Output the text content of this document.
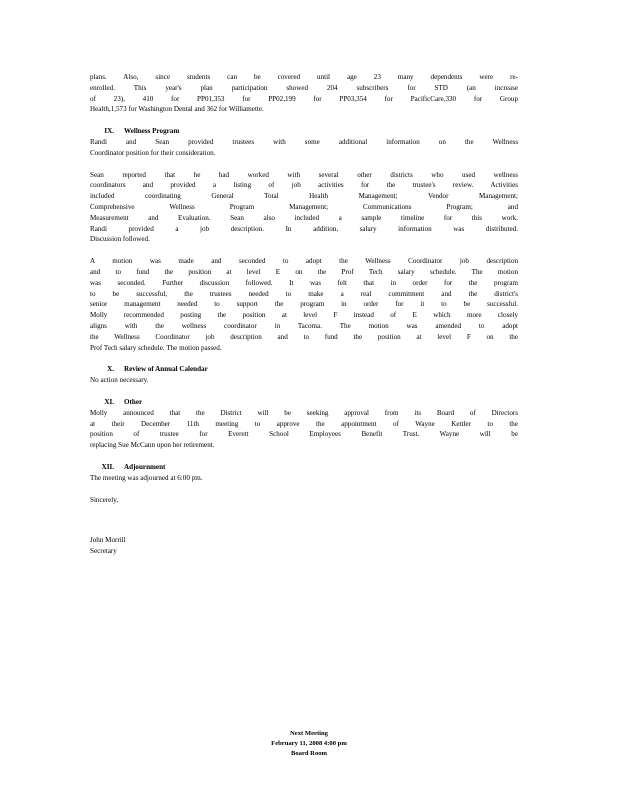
plans. Also, since students can be covered until age 23 many dependents were re-
enrolled. This year's plan participation showed 204 subscribers for STD (an increase
of 23), 410 for PP01,353 for PP02,199 for PP03,354 for PacificCare,330 for Group
Health,1,573 for Washington Dental and 362 for Williamette.
IX. Wellness Program
Randi and Sean provided trustees with some additional information on the Wellness
Coordinator position for their consideration.
Sean reported that he had worked with several other districts who used wellness
coordinators and provided a listing of job activities for the trustee's review. Activities
included coordinating General Total Health Management; Vendor Management;
Comprehensive Wellness Program Management; Communications Program; and
Measurement and Evaluation. Sean also included a sample timeline for this work.
Randi provided a job description. In addition, salary information was distributed.
Discussion followed.
A motion was made and seconded to adopt the Wellness Coordinator job description
and to fund the position at level E on the Prof Tech salary schedule. The motion
was seconded. Further discussion followed. It was felt that in order for the program
to be successful, the trustees needed to make a real commitment and the district's
senior management needed to support the program in order for it to be successful.
Molly recommended posting the position at level F instead of E which more closely
aligns with the wellness coordinator in Tacoma. The motion was amended to adopt
the Wellness Coordinator job description and to fund the position at level F on the
Prof Tech salary schedule. The motion passed.
X. Review of Annual Calendar
No action necessary.
XI. Other
Molly announced that the District will be seeking approval from its Board of Directors
at their December 11th meeting to approve the appointment of Wayne Kettler to the
position of trustee for Everett School Employees Benefit Trust. Wayne will be
replacing Sue McCann upon her retirement.
XII. Adjournment
The meeting was adjourned at 6:00 pm.
Sincerely,
John Morrill
Secretary
Next Meeting
February 11, 2008 4:00 pm
Board Room
